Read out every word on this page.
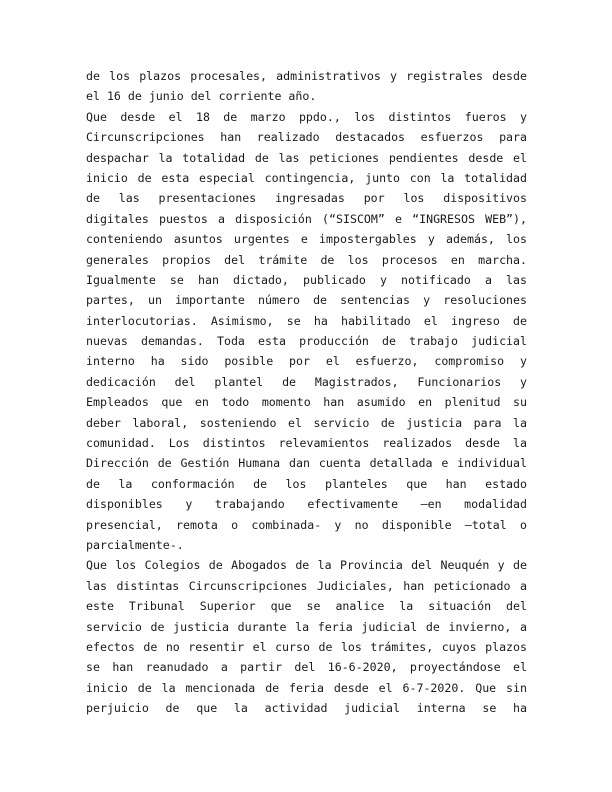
de los plazos procesales, administrativos y registrales desde
el 16 de junio del corriente año.

Que desde el 18 de marzo ppdo., los distintos fueros y
Circunscripciones han realizado destacados esfuerzos para
despachar la totalidad de las peticiones pendientes desde el
inicio de esta especial contingencia, junto con la totalidad
de las presentaciones ingresadas por los dispositivos
digitales puestos a disposición (“SISCOM” e “INGRESOS WEB”),
conteniendo asuntos urgentes e impostergables y además, los
generales propios del trámite de los procesos en marcha.
Igualmente se han dictado, publicado y notificado a las
partes, un importante número de sentencias y resoluciones
interlocutorias. Asimismo, se ha habilitado el ingreso de
nuevas demandas. Toda esta producción de trabajo judicial
interno ha sido posible por el esfuerzo, compromiso y
dedicación del plantel de Magistrados, Funcionarios y
Empleados que en todo momento han asumido en plenitud su
deber laboral, sosteniendo el servicio de justicia para la
comunidad. Los distintos relevamientos realizados desde la
Dirección de Gestión Humana dan cuenta detallada e individual
de la conformación de los planteles que han estado
disponibles y trabajando efectivamente –en modalidad
presencial, remota o combinada- y no disponible –total o
parcialmente-.

Que los Colegios de Abogados de la Provincia del Neuquén y de
las distintas Circunscripciones Judiciales, han peticionado a
este Tribunal Superior que se analice la situación del
servicio de justicia durante la feria judicial de invierno, a
efectos de no resentir el curso de los trámites, cuyos plazos
se han reanudado a partir del 16-6-2020, proyectándose el
inicio de la mencionada de feria desde el 6-7-2020. Que sin
perjuicio de que la actividad judicial interna se ha
